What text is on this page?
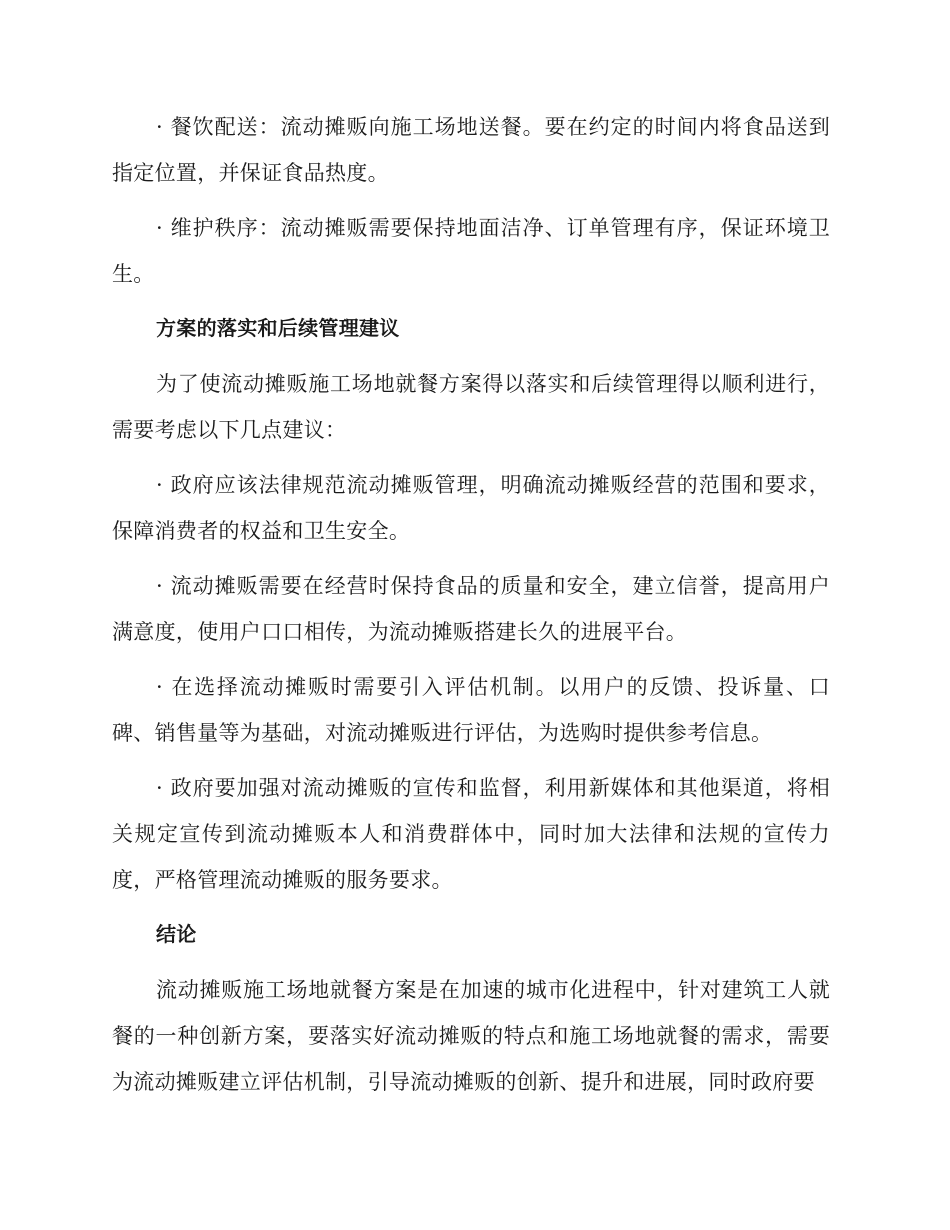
· 餐饮配送：流动摊贩向施工场地送餐。要在约定的时间内将食品送到指定位置，并保证食品热度。

· 维护秩序：流动摊贩需要保持地面洁净、订单管理有序，保证环境卫生。

方案的落实和后续管理建议

为了使流动摊贩施工场地就餐方案得以落实和后续管理得以顺利进行，需要考虑以下几点建议：

· 政府应该法律规范流动摊贩管理，明确流动摊贩经营的范围和要求，保障消费者的权益和卫生安全。

· 流动摊贩需要在经营时保持食品的质量和安全，建立信誉，提高用户满意度，使用户口口相传，为流动摊贩搭建长久的进展平台。

· 在选择流动摊贩时需要引入评估机制。以用户的反馈、投诉量、口碑、销售量等为基础，对流动摊贩进行评估，为选购时提供参考信息。

· 政府要加强对流动摊贩的宣传和监督，利用新媒体和其他渠道，将相关规定宣传到流动摊贩本人和消费群体中，同时加大法律和法规的宣传力度，严格管理流动摊贩的服务要求。

结论

流动摊贩施工场地就餐方案是在加速的城市化进程中，针对建筑工人就餐的一种创新方案，要落实好流动摊贩的特点和施工场地就餐的需求，需要为流动摊贩建立评估机制，引导流动摊贩的创新、提升和进展，同时政府要
